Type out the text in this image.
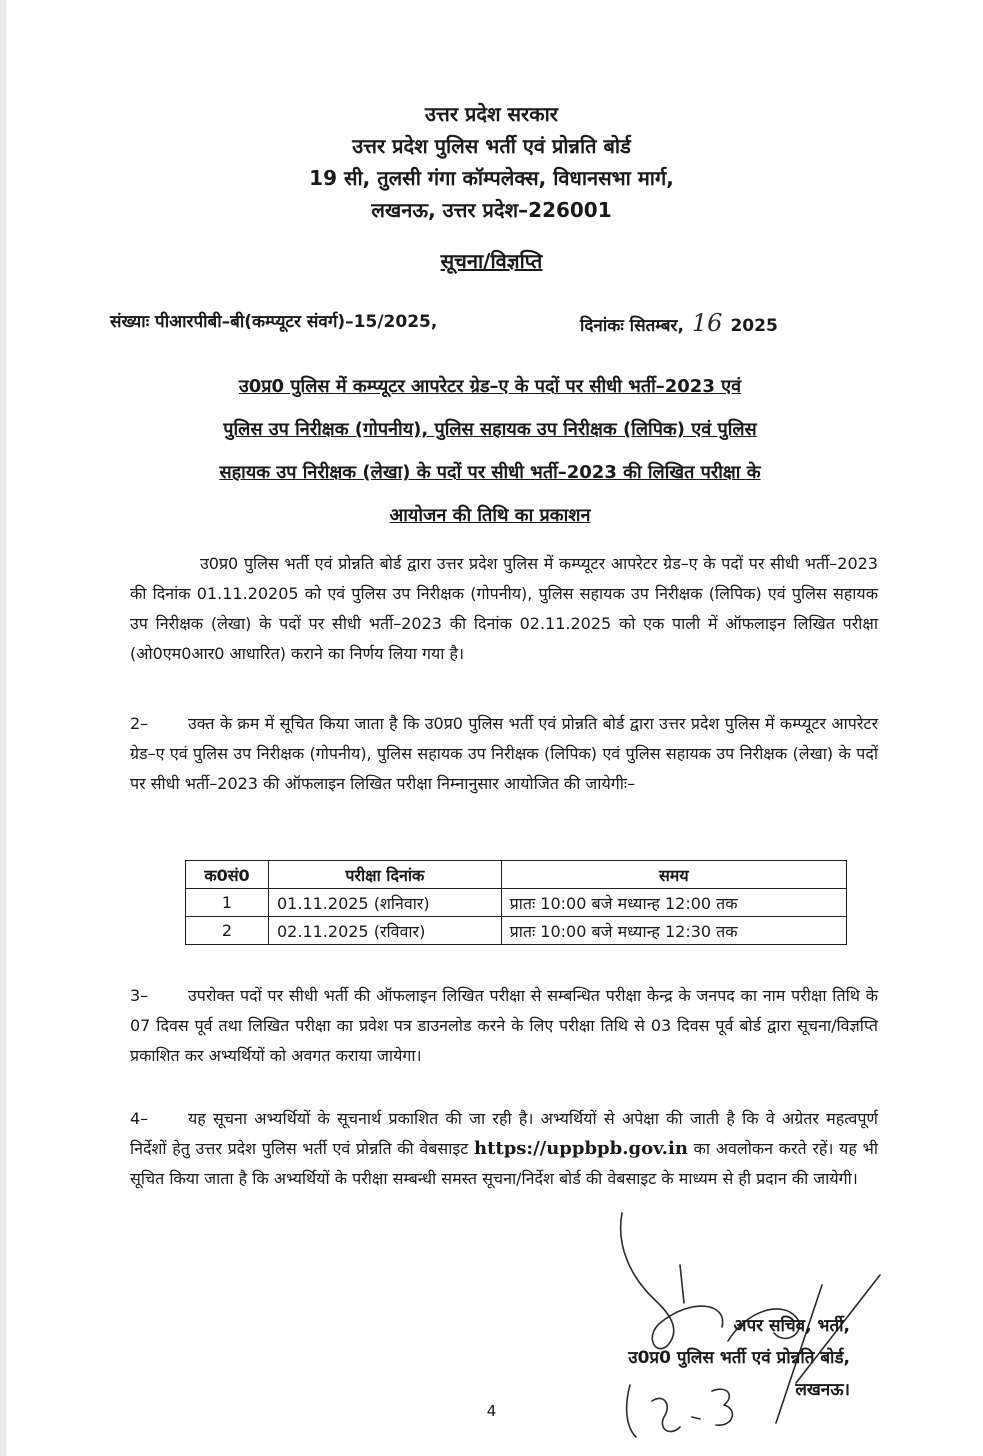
उत्तर प्रदेश सरकार
उत्तर प्रदेश पुलिस भर्ती एवं प्रोन्नति बोर्ड
19 सी, तुलसी गंगा कॉम्पलेक्स, विधानसभा मार्ग,
लखनऊ, उत्तर प्रदेश–226001
सूचना/विज्ञप्ति
संख्याः पीआरपीबी–बी(कम्प्यूटर संवर्ग)–15/2025,	दिनांकः सितम्बर, 16 2025
उ0प्र0 पुलिस में कम्प्यूटर आपरेटर ग्रेड–ए के पदों पर सीधी भर्ती–2023 एवं
पुलिस उप निरीक्षक (गोपनीय), पुलिस सहायक उप निरीक्षक (लिपिक) एवं पुलिस
सहायक उप निरीक्षक (लेखा) के पदों पर सीधी भर्ती–2023 की लिखित परीक्षा के
आयोजन की तिथि का प्रकाशन
उ0प्र0 पुलिस भर्ती एवं प्रोन्नति बोर्ड द्वारा उत्तर प्रदेश पुलिस में कम्प्यूटर आपरेटर ग्रेड–ए के पदों पर सीधी भर्ती–2023 की दिनांक 01.11.20205 को एवं पुलिस उप निरीक्षक (गोपनीय), पुलिस सहायक उप निरीक्षक (लिपिक) एवं पुलिस सहायक उप निरीक्षक (लेखा) के पदों पर सीधी भर्ती–2023 की दिनांक 02.11.2025 को एक पाली में ऑफलाइन लिखित परीक्षा (ओ0एम0आर0 आधारित) कराने का निर्णय लिया गया है।
2– उक्त के क्रम में सूचित किया जाता है कि उ0प्र0 पुलिस भर्ती एवं प्रोन्नति बोर्ड द्वारा उत्तर प्रदेश पुलिस में कम्प्यूटर आपरेटर ग्रेड–ए एवं पुलिस उप निरीक्षक (गोपनीय), पुलिस सहायक उप निरीक्षक (लिपिक) एवं पुलिस सहायक उप निरीक्षक (लेखा) के पदों पर सीधी भर्ती–2023 की ऑफलाइन लिखित परीक्षा निम्नानुसार आयोजित की जायेगीः–
क0सं0	परीक्षा दिनांक	समय
1	01.11.2025 (शनिवार)	प्रातः 10:00 बजे मध्यान्ह 12:00 तक
2	02.11.2025 (रविवार)	प्रातः 10:00 बजे मध्यान्ह 12:30 तक
3– उपरोक्त पदों पर सीधी भर्ती की ऑफलाइन लिखित परीक्षा से सम्बन्धित परीक्षा केन्द्र के जनपद का नाम परीक्षा तिथि के 07 दिवस पूर्व तथा लिखित परीक्षा का प्रवेश पत्र डाउनलोड करने के लिए परीक्षा तिथि से 03 दिवस पूर्व बोर्ड द्वारा सूचना/विज्ञप्ति प्रकाशित कर अभ्यर्थियों को अवगत कराया जायेगा।
4– यह सूचना अभ्यर्थियों के सूचनार्थ प्रकाशित की जा रही है। अभ्यर्थियों से अपेक्षा की जाती है कि वे अग्रेतर महत्वपूर्ण निर्देशों हेतु उत्तर प्रदेश पुलिस भर्ती एवं प्रोन्नति की वेबसाइट https://uppbpb.gov.in का अवलोकन करते रहें। यह भी सूचित किया जाता है कि अभ्यर्थियों के परीक्षा सम्बन्धी समस्त सूचना/निर्देश बोर्ड की वेबसाइट के माध्यम से ही प्रदान की जायेगी।
अपर सचिव, भर्ती,
उ0प्र0 पुलिस भर्ती एवं प्रोन्नति बोर्ड,
लखनऊ।
4
